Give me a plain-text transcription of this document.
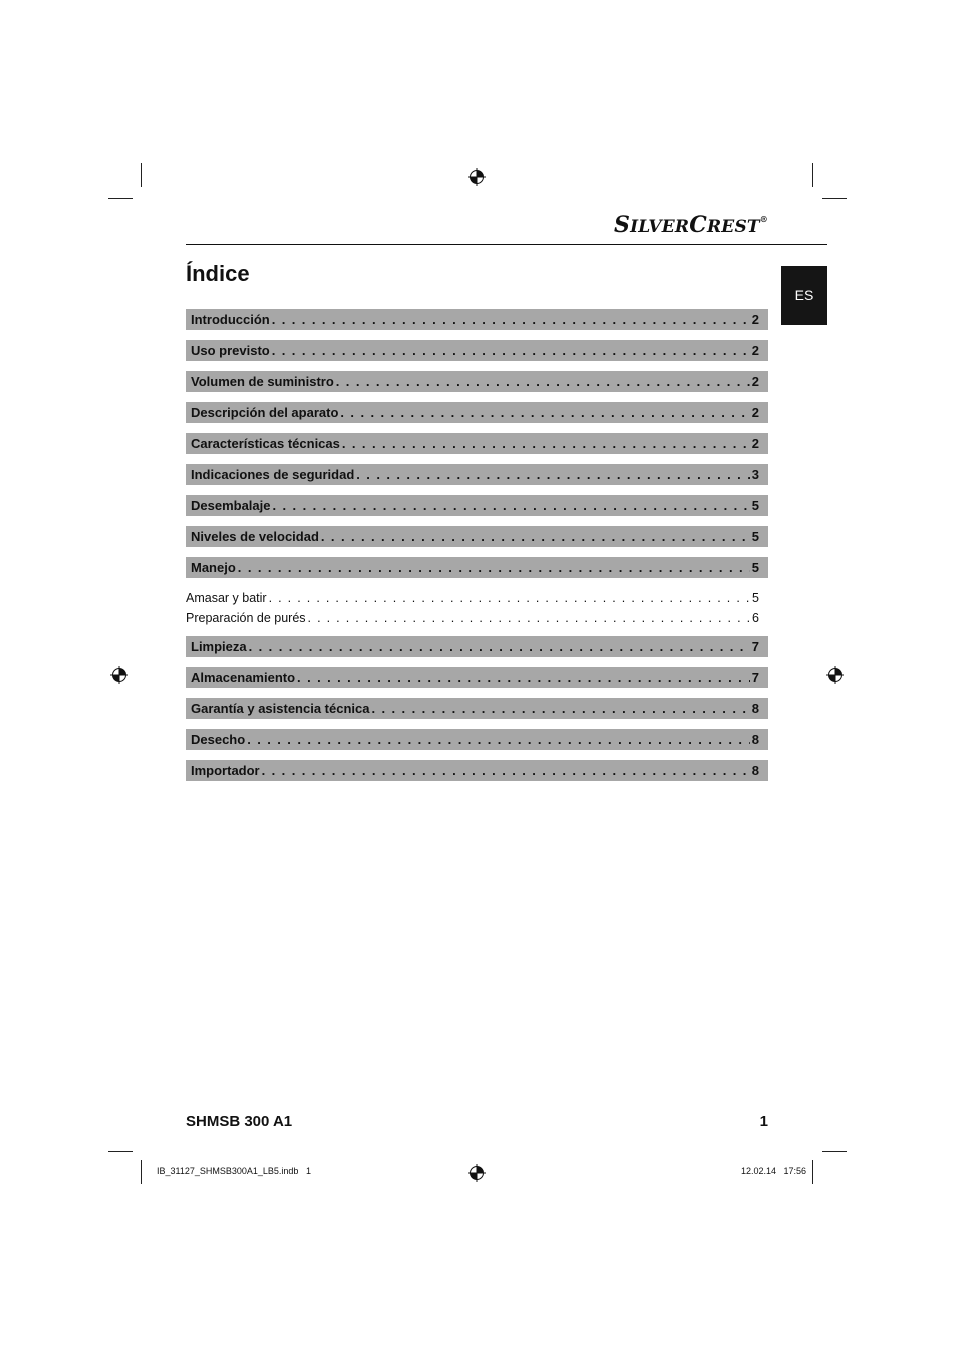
SILVERCREST®
ES
Índice
Introducción . . .	2
Uso previsto . . .	2
Volumen de suministro . . .	2
Descripción del aparato . . .	2
Características técnicas . . .	2
Indicaciones de seguridad . . .	3
Desembalaje . . .	5
Niveles de velocidad . . .	5
Manejo . . .	5
Amasar y batir . . .	5
Preparación de purés . . .	6
Limpieza . . .	7
Almacenamiento . . .	7
Garantía y asistencia técnica . . .	8
Desecho . . .	8
Importador . . .	8
SHMSB 300 A1	1
IB_31127_SHMSB300A1_LB5.indb   1	12.02.14   17:56
